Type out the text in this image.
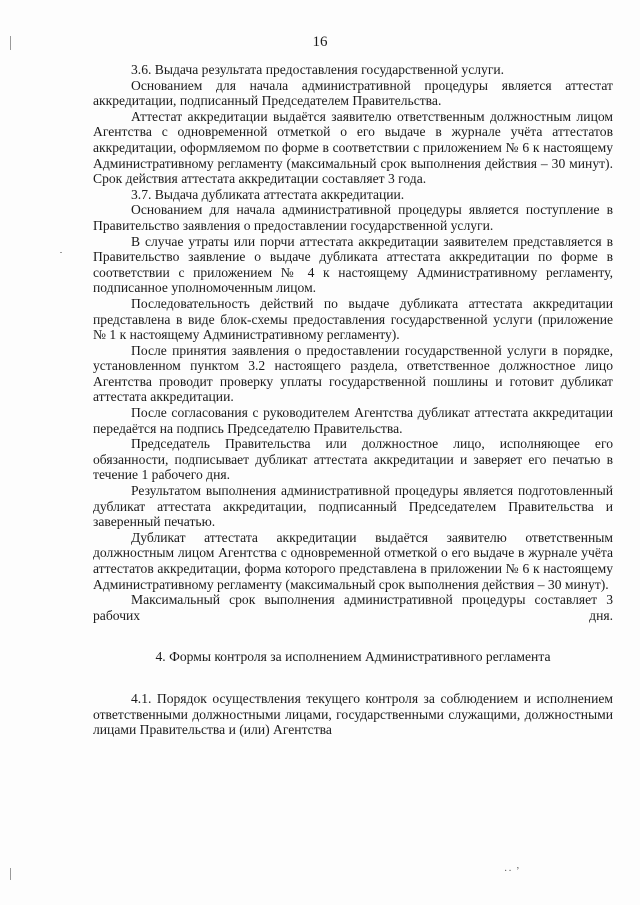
16

3.6. Выдача результата предоставления государственной услуги.

Основанием для начала административной процедуры является аттестат аккредитации, подписанный Председателем Правительства.

Аттестат аккредитации выдаётся заявителю ответственным должностным лицом Агентства с одновременной отметкой о его выдаче в журнале учёта аттестатов аккредитации, оформляемом по форме в соответствии с приложением № 6 к настоящему Административному регламенту (максимальный срок выполнения действия – 30 минут). Срок действия аттестата аккредитации составляет 3 года.

3.7. Выдача дубликата аттестата аккредитации.

Основанием для начала административной процедуры является поступление в Правительство заявления о предоставлении государственной услуги.

В случае утраты или порчи аттестата аккредитации заявителем представляется в Правительство заявление о выдаче дубликата аттестата аккредитации по форме в соответствии с приложением № 4 к настоящему Административному регламенту, подписанное уполномоченным лицом.

Последовательность действий по выдаче дубликата аттестата аккредитации представлена в виде блок-схемы предоставления государственной услуги (приложение № 1 к настоящему Административному регламенту).

После принятия заявления о предоставлении государственной услуги в порядке, установленном пунктом 3.2 настоящего раздела, ответственное должностное лицо Агентства проводит проверку уплаты государственной пошлины и готовит дубликат аттестата аккредитации.

После согласования с руководителем Агентства дубликат аттестата аккредитации передаётся на подпись Председателю Правительства.

Председатель Правительства или должностное лицо, исполняющее его обязанности, подписывает дубликат аттестата аккредитации и заверяет его печатью в течение 1 рабочего дня.

Результатом выполнения административной процедуры является подготовленный дубликат аттестата аккредитации, подписанный Председателем Правительства и заверенный печатью.

Дубликат аттестата аккредитации выдаётся заявителю ответственным должностным лицом Агентства с одновременной отметкой о его выдаче в журнале учёта аттестатов аккредитации, форма которого представлена в приложении № 6 к настоящему Административному регламенту (максимальный срок выполнения действия – 30 минут).

Максимальный срок выполнения административной процедуры составляет 3 рабочих дня.

4. Формы контроля за исполнением Административного регламента

4.1. Порядок осуществления текущего контроля за соблюдением и исполнением ответственными должностными лицами, государственными служащими, должностными лицами Правительства и (или) Агентства

·· ’
